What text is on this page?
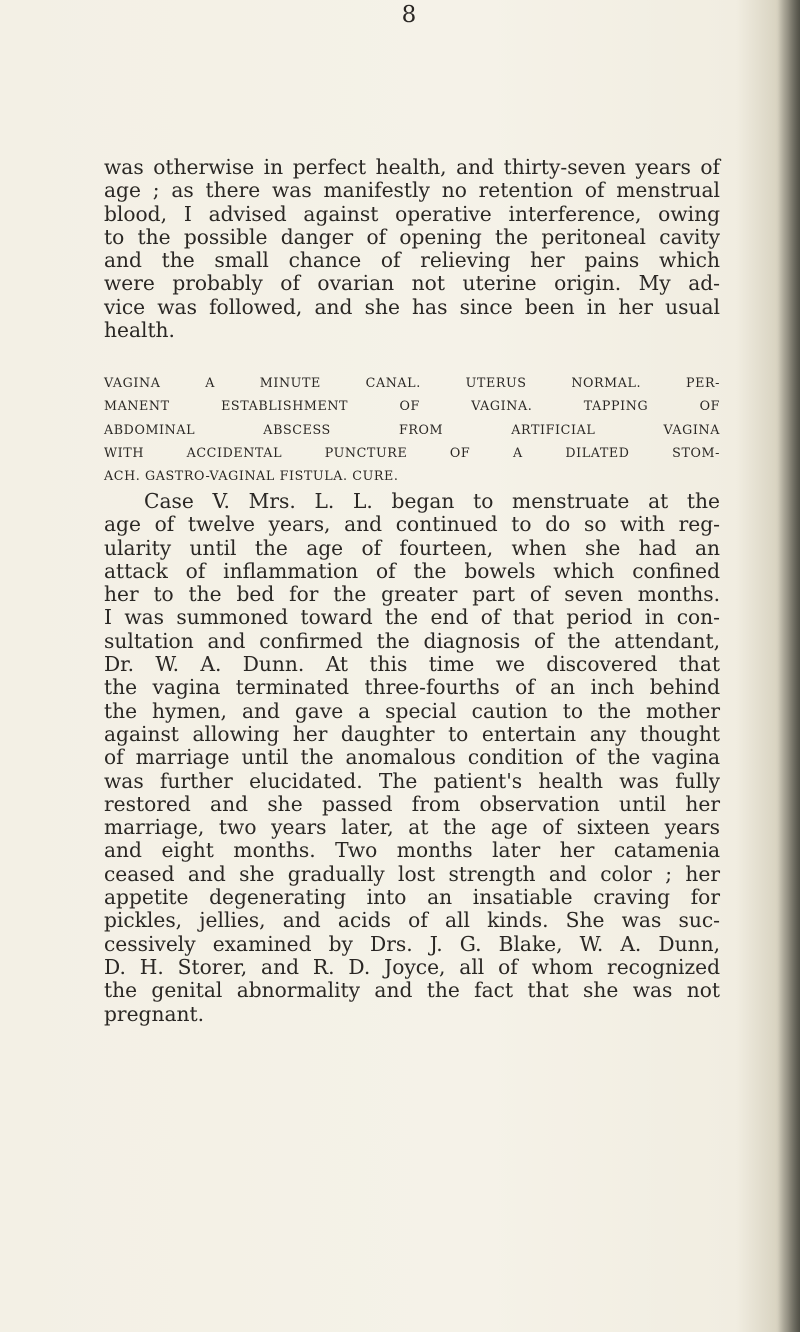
8
was otherwise in perfect health, and thirty-seven years of
age ; as there was manifestly no retention of menstrual
blood, I advised against operative interference, owing
to the possible danger of opening the peritoneal cavity
and the small chance of relieving her pains which
were probably of ovarian not uterine origin. My ad-
vice was followed, and she has since been in her usual
health.
VAGINA A MINUTE CANAL. UTERUS NORMAL. PER-
MANENT ESTABLISHMENT OF VAGINA. TAPPING OF
ABDOMINAL ABSCESS FROM ARTIFICIAL VAGINA
WITH ACCIDENTAL PUNCTURE OF A DILATED STOM-
ACH. GASTRO-VAGINAL FISTULA. CURE.
Case V. Mrs. L. L. began to menstruate at the
age of twelve years, and continued to do so with reg-
ularity until the age of fourteen, when she had an
attack of inflammation of the bowels which confined
her to the bed for the greater part of seven months.
I was summoned toward the end of that period in con-
sultation and confirmed the diagnosis of the attendant,
Dr. W. A. Dunn. At this time we discovered that
the vagina terminated three-fourths of an inch behind
the hymen, and gave a special caution to the mother
against allowing her daughter to entertain any thought
of marriage until the anomalous condition of the vagina
was further elucidated. The patient's health was fully
restored and she passed from observation until her
marriage, two years later, at the age of sixteen years
and eight months. Two months later her catamenia
ceased and she gradually lost strength and color ; her
appetite degenerating into an insatiable craving for
pickles, jellies, and acids of all kinds. She was suc-
cessively examined by Drs. J. G. Blake, W. A. Dunn,
D. H. Storer, and R. D. Joyce, all of whom recognized
the genital abnormality and the fact that she was not
pregnant.
